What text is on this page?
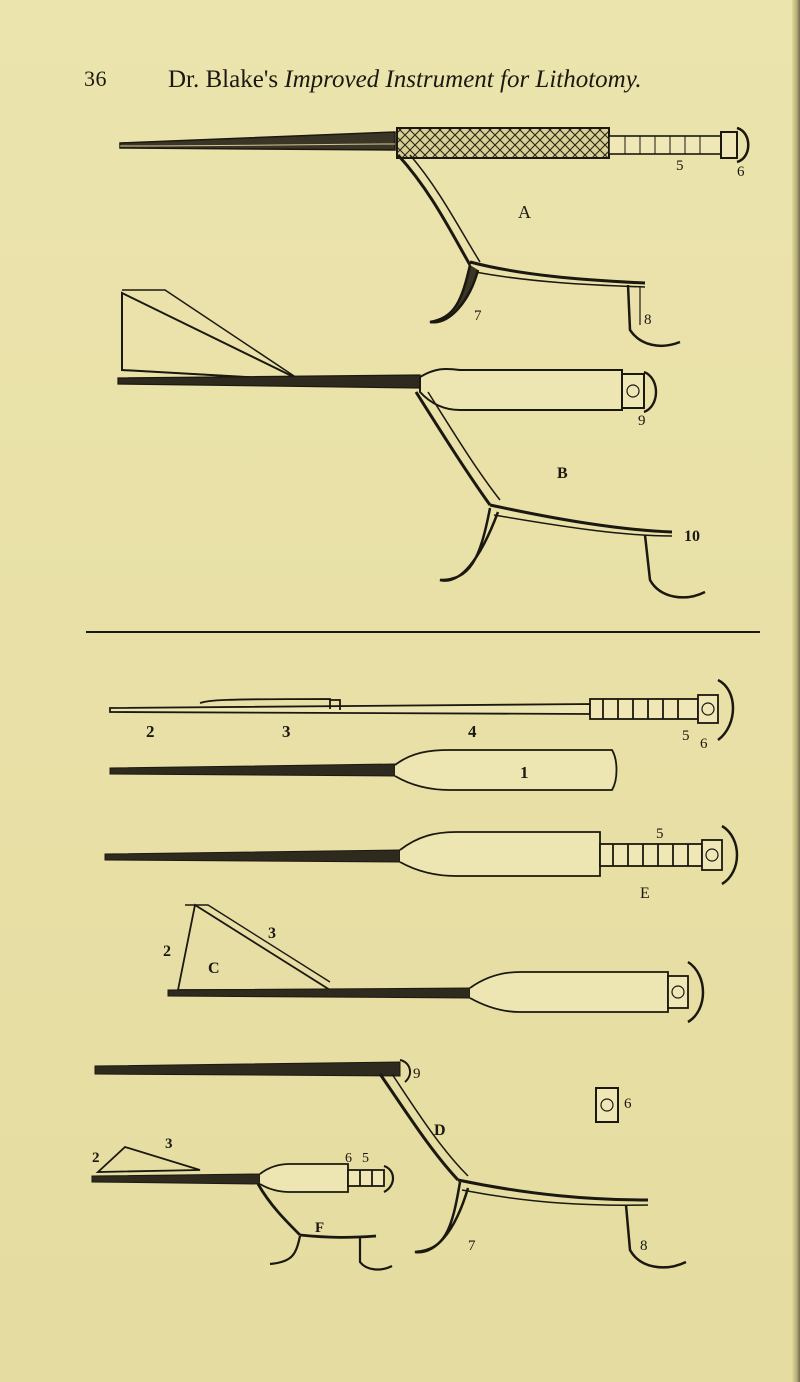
36 Dr. Blake's Improved Instrument for Lithotomy.
A
5	6
7	8
B
9
10
2	3	4	5 6
1
5
E
2
3
C
9
6
D
7	8
2
3
6 5
F
